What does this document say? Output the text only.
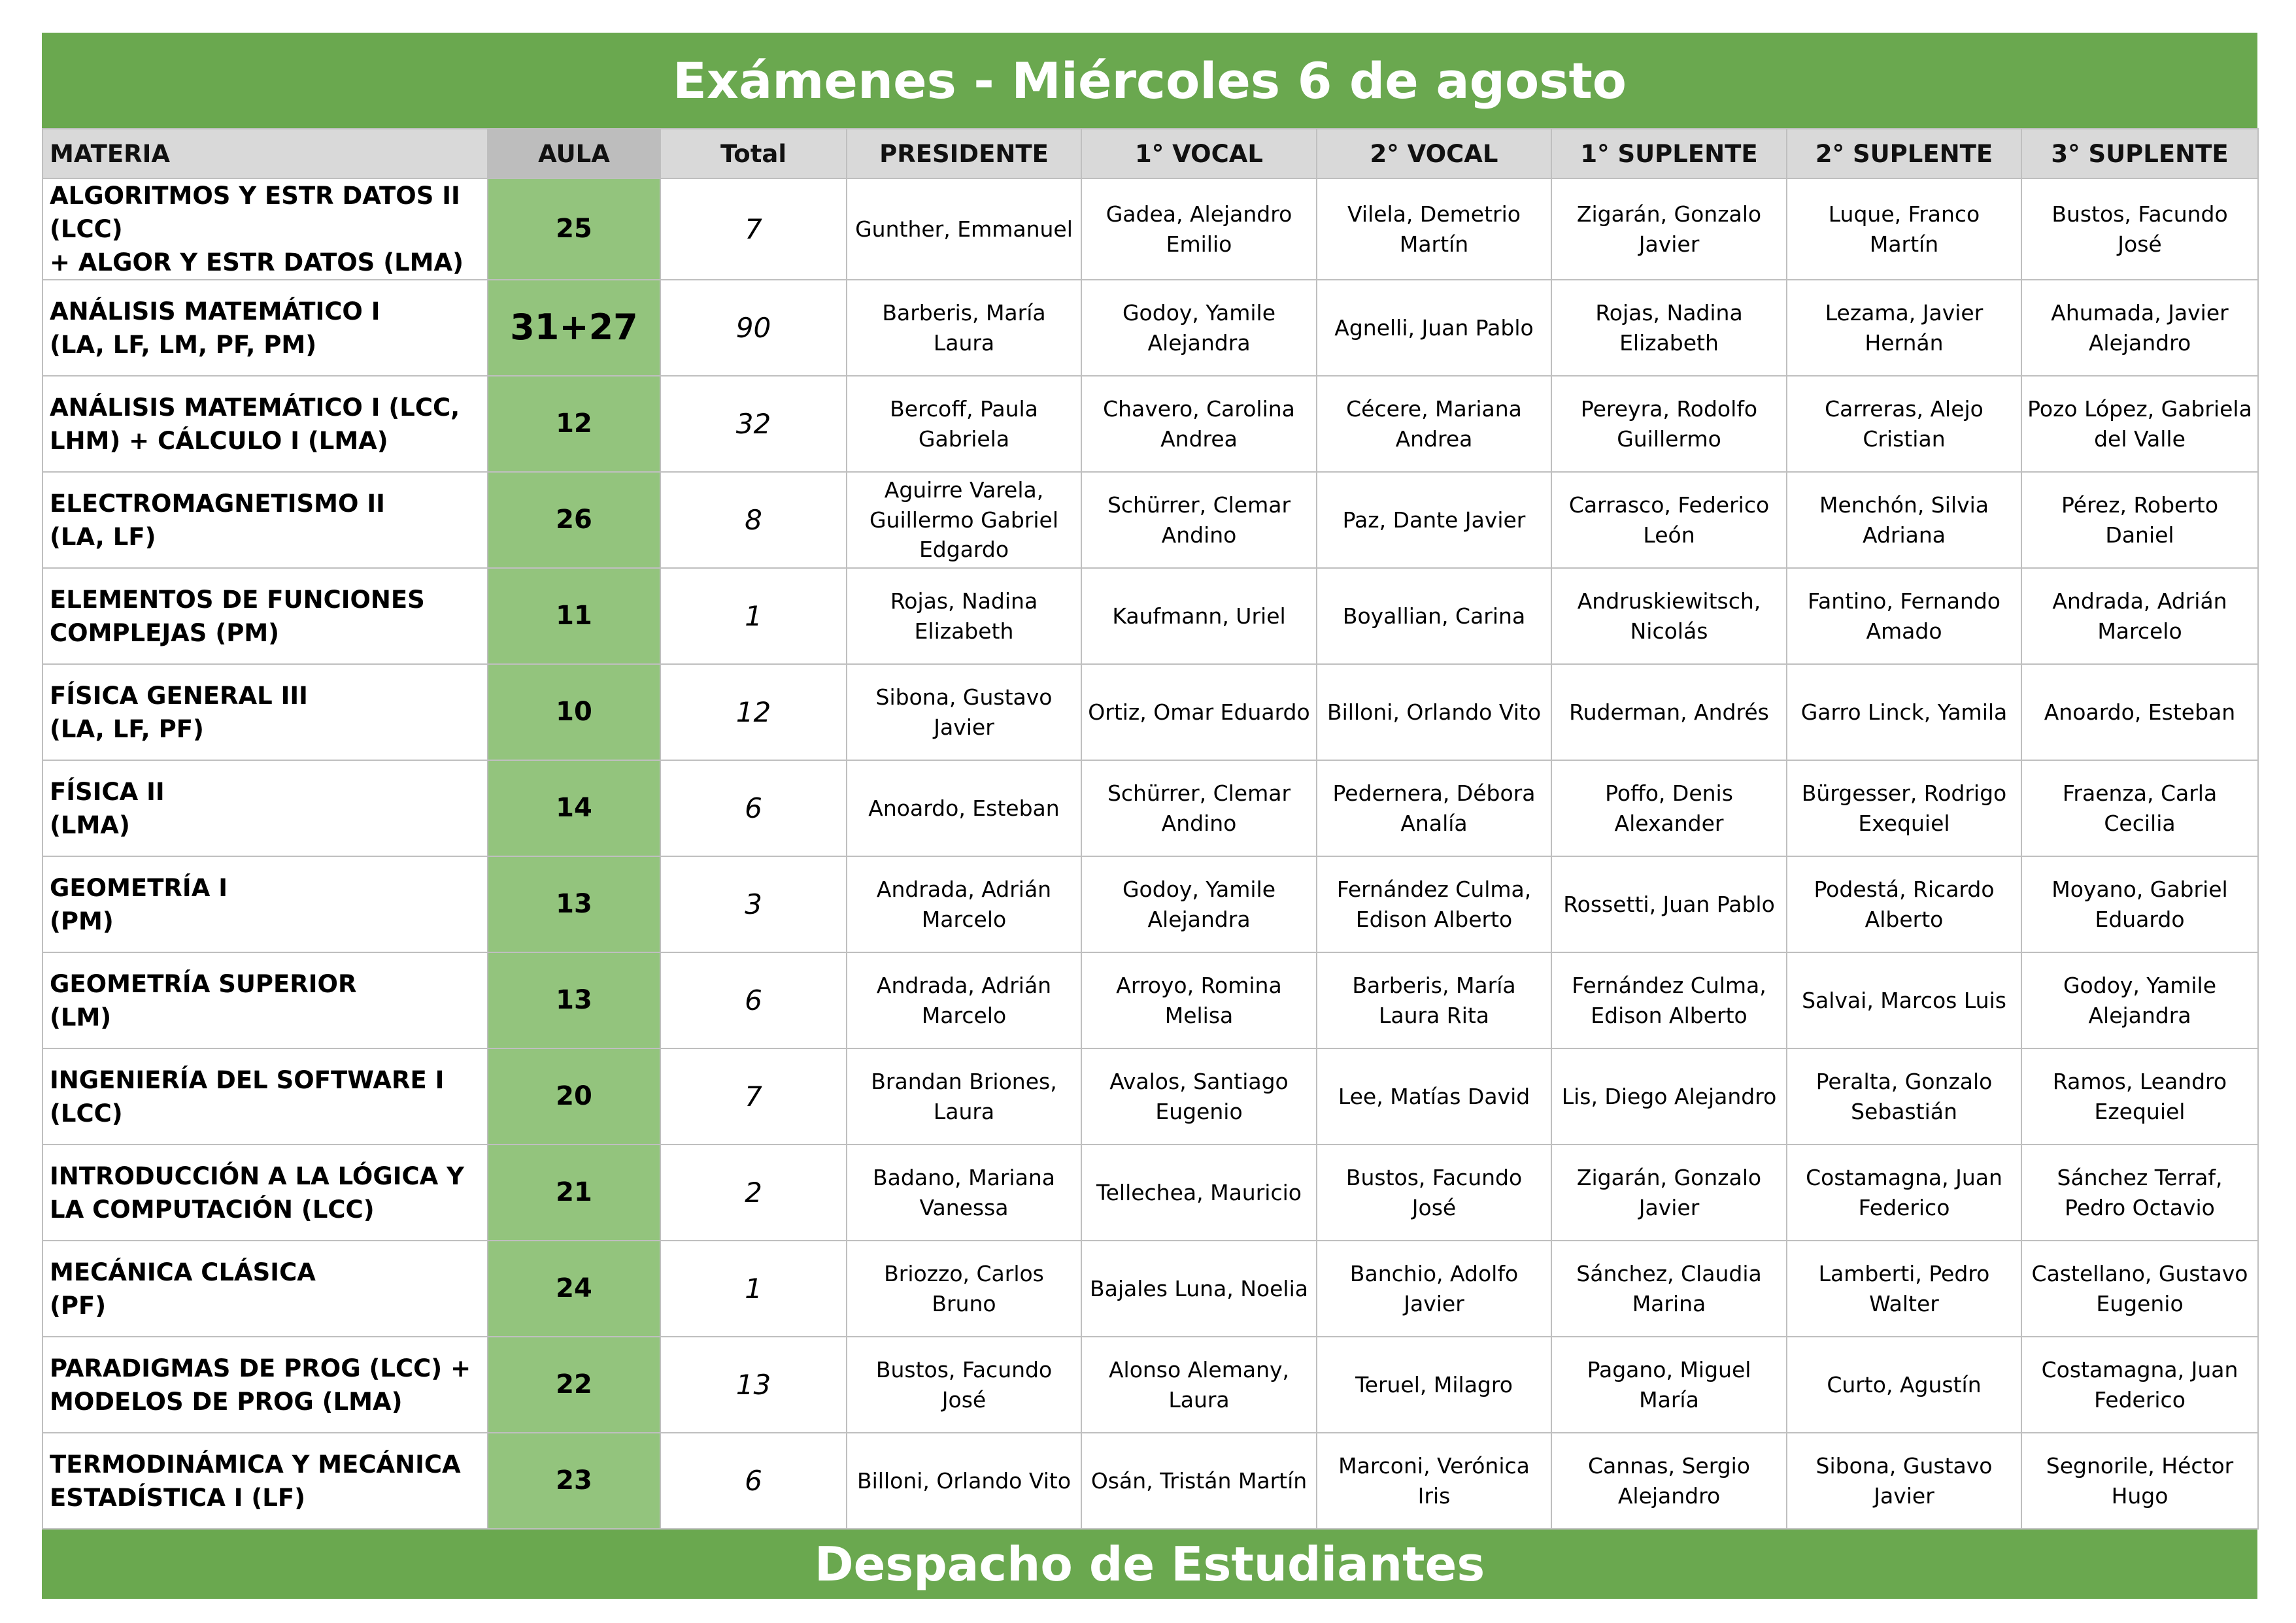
Exámenes - Miércoles 6 de agosto
MATERIA	AULA	Total	PRESIDENTE	1° VOCAL	2° VOCAL	1° SUPLENTE	2° SUPLENTE	3° SUPLENTE

ALGORITMOS Y ESTR DATOS II (LCC)
+ ALGOR Y ESTR DATOS (LMA)	25	7	Gunther, Emmanuel	Gadea, Alejandro Emilio	Vilela, Demetrio Martín	Zigarán, Gonzalo Javier	Luque, Franco Martín	Bustos, Facundo José

ANÁLISIS MATEMÁTICO I
(LA, LF, LM, PF, PM)	31+27	90	Barberis, María Laura	Godoy, Yamile Alejandra	Agnelli, Juan Pablo	Rojas, Nadina Elizabeth	Lezama, Javier Hernán	Ahumada, Javier Alejandro

ANÁLISIS MATEMÁTICO I (LCC,
LHM) + CÁLCULO I (LMA)	12	32	Bercoff, Paula Gabriela	Chavero, Carolina Andrea	Cécere, Mariana Andrea	Pereyra, Rodolfo Guillermo	Carreras, Alejo Cristian	Pozo López, Gabriela del Valle

ELECTROMAGNETISMO II
(LA, LF)	26	8	Aguirre Varela, Guillermo Gabriel Edgardo	Schürrer, Clemar Andino	Paz, Dante Javier	Carrasco, Federico León	Menchón, Silvia Adriana	Pérez, Roberto Daniel

ELEMENTOS DE FUNCIONES
COMPLEJAS (PM)	11	1	Rojas, Nadina Elizabeth	Kaufmann, Uriel	Boyallian, Carina	Andruskiewitsch, Nicolás	Fantino, Fernando Amado	Andrada, Adrián Marcelo

FÍSICA GENERAL III
(LA, LF, PF)	10	12	Sibona, Gustavo Javier	Ortiz, Omar Eduardo	Billoni, Orlando Vito	Ruderman, Andrés	Garro Linck, Yamila	Anoardo, Esteban

FÍSICA II
(LMA)	14	6	Anoardo, Esteban	Schürrer, Clemar Andino	Pedernera, Débora Analía	Poffo, Denis Alexander	Bürgesser, Rodrigo Exequiel	Fraenza, Carla Cecilia

GEOMETRÍA I
(PM)	13	3	Andrada, Adrián Marcelo	Godoy, Yamile Alejandra	Fernández Culma, Edison Alberto	Rossetti, Juan Pablo	Podestá, Ricardo Alberto	Moyano, Gabriel Eduardo

GEOMETRÍA SUPERIOR
(LM)	13	6	Andrada, Adrián Marcelo	Arroyo, Romina Melisa	Barberis, María Laura Rita	Fernández Culma, Edison Alberto	Salvai, Marcos Luis	Godoy, Yamile Alejandra

INGENIERÍA DEL SOFTWARE I
(LCC)	20	7	Brandan Briones, Laura	Avalos, Santiago Eugenio	Lee, Matías David	Lis, Diego Alejandro	Peralta, Gonzalo Sebastián	Ramos, Leandro Ezequiel

INTRODUCCIÓN A LA LÓGICA Y
LA COMPUTACIÓN (LCC)	21	2	Badano, Mariana Vanessa	Tellechea, Mauricio	Bustos, Facundo José	Zigarán, Gonzalo Javier	Costamagna, Juan Federico	Sánchez Terraf, Pedro Octavio

MECÁNICA CLÁSICA
(PF)	24	1	Briozzo, Carlos Bruno	Bajales Luna, Noelia	Banchio, Adolfo Javier	Sánchez, Claudia Marina	Lamberti, Pedro Walter	Castellano, Gustavo Eugenio

PARADIGMAS DE PROG (LCC) +
MODELOS DE PROG (LMA)	22	13	Bustos, Facundo José	Alonso Alemany, Laura	Teruel, Milagro	Pagano, Miguel María	Curto, Agustín	Costamagna, Juan Federico

TERMODINÁMICA Y MECÁNICA
ESTADÍSTICA I (LF)	23	6	Billoni, Orlando Vito	Osán, Tristán Martín	Marconi, Verónica Iris	Cannas, Sergio Alejandro	Sibona, Gustavo Javier	Segnorile, Héctor Hugo
Despacho de Estudiantes
